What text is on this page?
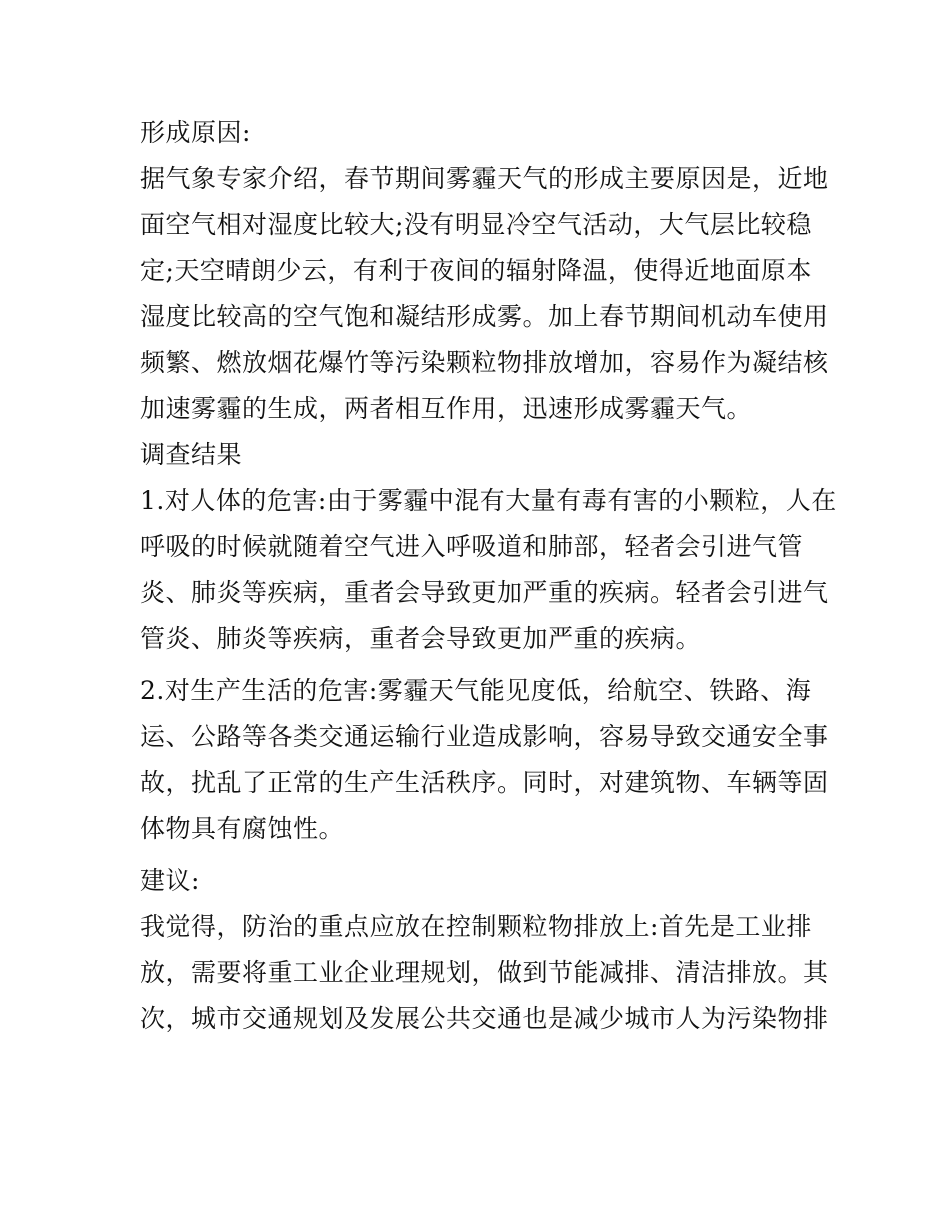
形成原因:

据气象专家介绍，春节期间雾霾天气的形成主要原因是，近地

面空气相对湿度比较大;没有明显冷空气活动，大气层比较稳

定;天空晴朗少云，有利于夜间的辐射降温，使得近地面原本

湿度比较高的空气饱和凝结形成雾。加上春节期间机动车使用

频繁、燃放烟花爆竹等污染颗粒物排放增加，容易作为凝结核

加速雾霾的生成，两者相互作用，迅速形成雾霾天气。

调查结果

1.对人体的危害:由于雾霾中混有大量有毒有害的小颗粒，人在

呼吸的时候就随着空气进入呼吸道和肺部，轻者会引进气管

炎、肺炎等疾病，重者会导致更加严重的疾病。轻者会引进气

管炎、肺炎等疾病，重者会导致更加严重的疾病。

2.对生产生活的危害:雾霾天气能见度低，给航空、铁路、海

运、公路等各类交通运输行业造成影响，容易导致交通安全事

故，扰乱了正常的生产生活秩序。同时，对建筑物、车辆等固

体物具有腐蚀性。

建议:

我觉得，防治的重点应放在控制颗粒物排放上:首先是工业排

放，需要将重工业企业理规划，做到节能减排、清洁排放。其

次，城市交通规划及发展公共交通也是减少城市人为污染物排
